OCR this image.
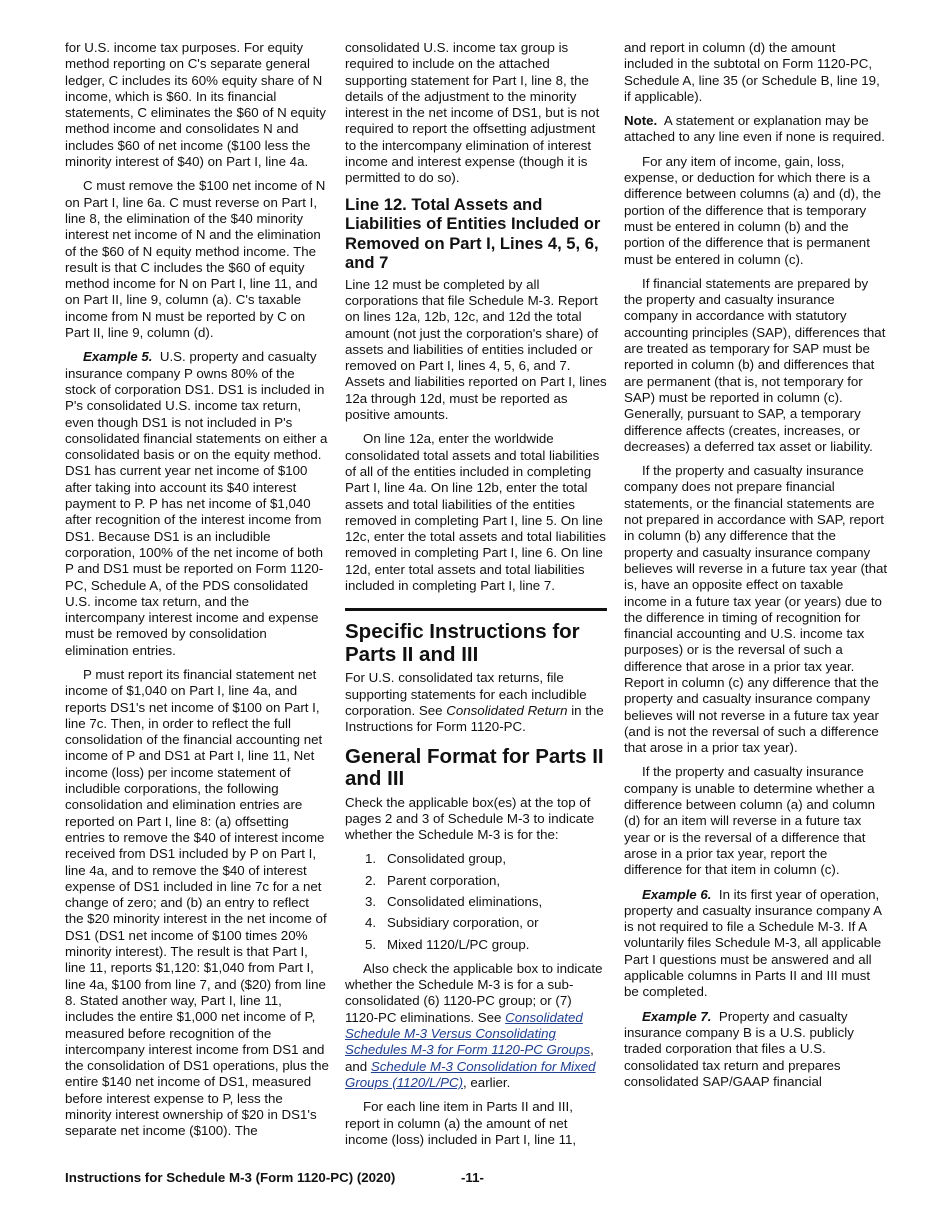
for U.S. income tax purposes. For equity method reporting on C's separate general ledger, C includes its 60% equity share of N income, which is $60. In its financial statements, C eliminates the $60 of N equity method income and consolidates N and includes $60 of net income ($100 less the minority interest of $40) on Part I, line 4a.

C must remove the $100 net income of N on Part I, line 6a. C must reverse on Part I, line 8, the elimination of the $40 minority interest net income of N and the elimination of the $60 of N equity method income. The result is that C includes the $60 of equity method income for N on Part I, line 11, and on Part II, line 9, column (a). C's taxable income from N must be reported by C on Part II, line 9, column (d).

Example 5. U.S. property and casualty insurance company P owns 80% of the stock of corporation DS1. DS1 is included in P's consolidated U.S. income tax return, even though DS1 is not included in P's consolidated financial statements on either a consolidated basis or on the equity method. DS1 has current year net income of $100 after taking into account its $40 interest payment to P. P has net income of $1,040 after recognition of the interest income from DS1. Because DS1 is an includible corporation, 100% of the net income of both P and DS1 must be reported on Form 1120-PC, Schedule A, of the PDS consolidated U.S. income tax return, and the intercompany interest income and expense must be removed by consolidation elimination entries.

P must report its financial statement net income of $1,040 on Part I, line 4a, and reports DS1's net income of $100 on Part I, line 7c. Then, in order to reflect the full consolidation of the financial accounting net income of P and DS1 at Part I, line 11, Net income (loss) per income statement of includible corporations, the following consolidation and elimination entries are reported on Part I, line 8: (a) offsetting entries to remove the $40 of interest income received from DS1 included by P on Part I, line 4a, and to remove the $40 of interest expense of DS1 included in line 7c for a net change of zero; and (b) an entry to reflect the $20 minority interest in the net income of DS1 (DS1 net income of $100 times 20% minority interest). The result is that Part I, line 11, reports $1,120: $1,040 from Part I, line 4a, $100 from line 7, and ($20) from line 8. Stated another way, Part I, line 11, includes the entire $1,000 net income of P, measured before recognition of the intercompany interest income from DS1 and the consolidation of DS1 operations, plus the entire $140 net income of DS1, measured before interest expense to P, less the minority interest ownership of $20 in DS1's separate net income ($100). The

consolidated U.S. income tax group is required to include on the attached supporting statement for Part I, line 8, the details of the adjustment to the minority interest in the net income of DS1, but is not required to report the offsetting adjustment to the intercompany elimination of interest income and interest expense (though it is permitted to do so).

Line 12. Total Assets and Liabilities of Entities Included or Removed on Part I, Lines 4, 5, 6, and 7

Line 12 must be completed by all corporations that file Schedule M-3. Report on lines 12a, 12b, 12c, and 12d the total amount (not just the corporation's share) of assets and liabilities of entities included or removed on Part I, lines 4, 5, 6, and 7. Assets and liabilities reported on Part I, lines 12a through 12d, must be reported as positive amounts.

On line 12a, enter the worldwide consolidated total assets and total liabilities of all of the entities included in completing Part I, line 4a. On line 12b, enter the total assets and total liabilities of the entities removed in completing Part I, line 5. On line 12c, enter the total assets and total liabilities removed in completing Part I, line 6. On line 12d, enter total assets and total liabilities included in completing Part I, line 7.

Specific Instructions for Parts II and III

For U.S. consolidated tax returns, file supporting statements for each includible corporation. See Consolidated Return in the Instructions for Form 1120-PC.

General Format for Parts II and III

Check the applicable box(es) at the top of pages 2 and 3 of Schedule M-3 to indicate whether the Schedule M-3 is for the:

1. Consolidated group,
2. Parent corporation,
3. Consolidated eliminations,
4. Subsidiary corporation, or
5. Mixed 1120/L/PC group.

Also check the applicable box to indicate whether the Schedule M-3 is for a sub-consolidated (6) 1120-PC group; or (7) 1120-PC eliminations. See Consolidated Schedule M-3 Versus Consolidating Schedules M-3 for Form 1120-PC Groups, and Schedule M-3 Consolidation for Mixed Groups (1120/L/PC), earlier.

For each line item in Parts II and III, report in column (a) the amount of net income (loss) included in Part I, line 11,

and report in column (d) the amount included in the subtotal on Form 1120-PC, Schedule A, line 35 (or Schedule B, line 19, if applicable).

Note. A statement or explanation may be attached to any line even if none is required.

For any item of income, gain, loss, expense, or deduction for which there is a difference between columns (a) and (d), the portion of the difference that is temporary must be entered in column (b) and the portion of the difference that is permanent must be entered in column (c).

If financial statements are prepared by the property and casualty insurance company in accordance with statutory accounting principles (SAP), differences that are treated as temporary for SAP must be reported in column (b) and differences that are permanent (that is, not temporary for SAP) must be reported in column (c). Generally, pursuant to SAP, a temporary difference affects (creates, increases, or decreases) a deferred tax asset or liability.

If the property and casualty insurance company does not prepare financial statements, or the financial statements are not prepared in accordance with SAP, report in column (b) any difference that the property and casualty insurance company believes will reverse in a future tax year (that is, have an opposite effect on taxable income in a future tax year (or years) due to the difference in timing of recognition for financial accounting and U.S. income tax purposes) or is the reversal of such a difference that arose in a prior tax year. Report in column (c) any difference that the property and casualty insurance company believes will not reverse in a future tax year (and is not the reversal of such a difference that arose in a prior tax year).

If the property and casualty insurance company is unable to determine whether a difference between column (a) and column (d) for an item will reverse in a future tax year or is the reversal of a difference that arose in a prior tax year, report the difference for that item in column (c).

Example 6. In its first year of operation, property and casualty insurance company A is not required to file a Schedule M-3. If A voluntarily files Schedule M-3, all applicable Part I questions must be answered and all applicable columns in Parts II and III must be completed.

Example 7. Property and casualty insurance company B is a U.S. publicly traded corporation that files a U.S. consolidated tax return and prepares consolidated SAP/GAAP financial

Instructions for Schedule M-3 (Form 1120-PC) (2020)	-11-
